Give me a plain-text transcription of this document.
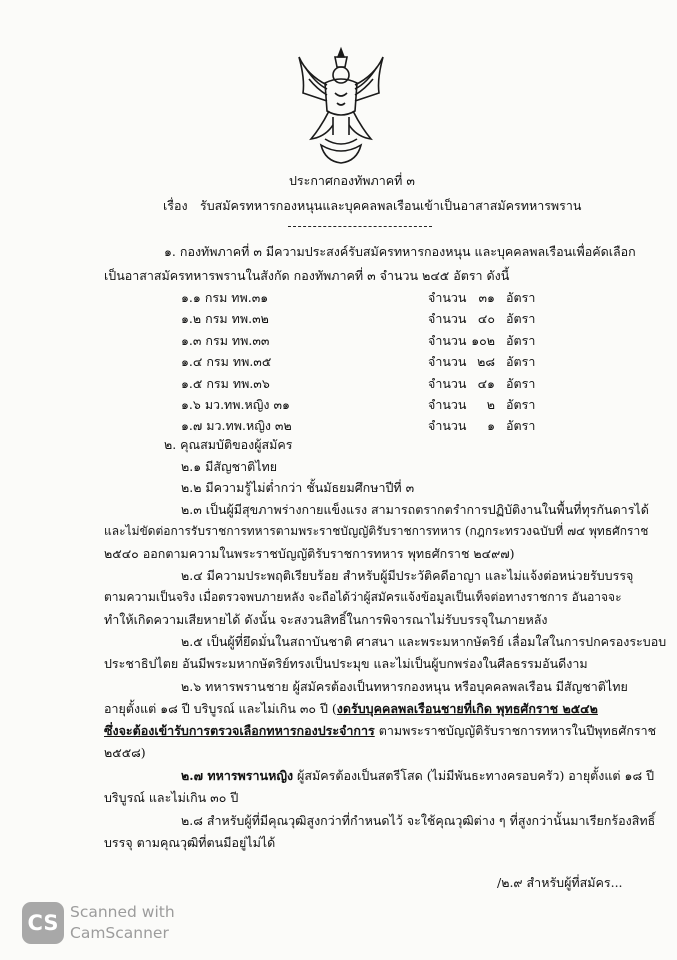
ประกาศกองทัพภาคที่ ๓
เรื่อง รับสมัครทหารกองหนุนและบุคคลพลเรือนเข้าเป็นอาสาสมัครทหารพราน
๑. กองทัพภาคที่ ๓ มีความประสงค์รับสมัครทหารกองหนุน และบุคคลพลเรือนเพื่อคัดเลือก
เป็นอาสาสมัครทหารพรานในสังกัด กองทัพภาคที่ ๓ จำนวน ๒๔๕ อัตรา ดังนี้
๑.๑ กรม ทพ.๓๑	จำนวน ๓๑ อัตรา
๑.๒ กรม ทพ.๓๒	จำนวน ๔๐ อัตรา
๑.๓ กรม ทพ.๓๓	จำนวน ๑๐๒ อัตรา
๑.๔ กรม ทพ.๓๕	จำนวน ๒๘ อัตรา
๑.๕ กรม ทพ.๓๖	จำนวน ๔๑ อัตรา
๑.๖ มว.ทพ.หญิง ๓๑	จำนวน	๒ อัตรา
๑.๗ มว.ทพ.หญิง ๓๒	จำนวน	๑ อัตรา
๒. คุณสมบัติของผู้สมัคร
๒.๑ มีสัญชาติไทย
๒.๒ มีความรู้ไม่ต่ำกว่า ชั้นมัธยมศึกษาปีที่ ๓
๒.๓ เป็นผู้มีสุขภาพร่างกายแข็งแรง สามารถตรากตรำการปฏิบัติงานในพื้นที่ทุรกันดารได้
และไม่ขัดต่อการรับราชการทหารตามพระราชบัญญัติรับราชการทหาร (กฎกระทรวงฉบับที่ ๗๔ พุทธศักราช
๒๕๔๐ ออกตามความในพระราชบัญญัติรับราชการทหาร พุทธศักราช ๒๔๙๗)
๒.๔ มีความประพฤติเรียบร้อย สำหรับผู้มีประวัติคดีอาญา และไม่แจ้งต่อหน่วยรับบรรจุ
ตามความเป็นจริง เมื่อตรวจพบภายหลัง จะถือได้ว่าผู้สมัครแจ้งข้อมูลเป็นเท็จต่อทางราชการ อันอาจจะ
ทำให้เกิดความเสียหายได้ ดังนั้น จะสงวนสิทธิ์ในการพิจารณาไม่รับบรรจุในภายหลัง
๒.๕ เป็นผู้ที่ยึดมั่นในสถาบันชาติ ศาสนา และพระมหากษัตริย์ เลื่อมใสในการปกครองระบอบ
ประชาธิปไตย อันมีพระมหากษัตริย์ทรงเป็นประมุข และไม่เป็นผู้บกพร่องในศีลธรรมอันดีงาม
๒.๖ ทหารพรานชาย ผู้สมัครต้องเป็นทหารกองหนุน หรือบุคคลพลเรือน มีสัญชาติไทย
อายุตั้งแต่ ๑๘ ปี บริบูรณ์ และไม่เกิน ๓๐ ปี (งดรับบุคคลพลเรือนชายที่เกิด พุทธศักราช ๒๕๔๒
ซึ่งจะต้องเข้ารับการตรวจเลือกทหารกองประจำการ ตามพระราชบัญญัติรับราชการทหารในปีพุทธศักราช
๒๕๕๘)
๒.๗ ทหารพรานหญิง ผู้สมัครต้องเป็นสตรีโสด (ไม่มีพันธะทางครอบครัว) อายุตั้งแต่ ๑๘ ปี
บริบูรณ์ และไม่เกิน ๓๐ ปี
๒.๘ สำหรับผู้ที่มีคุณวุฒิสูงกว่าที่กำหนดไว้ จะใช้คุณวุฒิต่าง ๆ ที่สูงกว่านั้นมาเรียกร้องสิทธิ์
บรรจุ ตามคุณวุฒิที่ตนมีอยู่ไม่ได้
/๒.๙ สำหรับผู้ที่สมัคร...
CS Scanned with
CamScanner
